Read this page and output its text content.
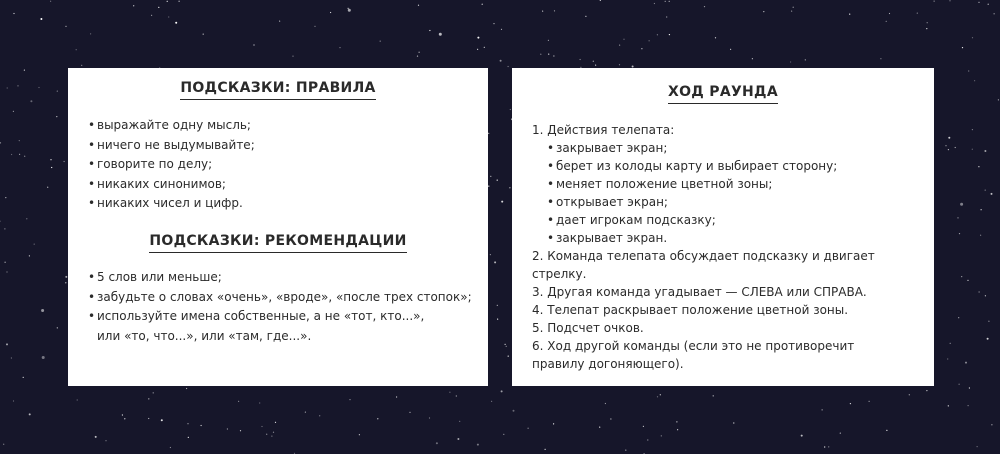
ПОДСКАЗКИ: ПРАВИЛА
• выражайте одну мысль;
• ничего не выдумывайте;
• говорите по делу;
• никаких синонимов;
• никаких чисел и цифр.
ПОДСКАЗКИ: РЕКОМЕНДАЦИИ
• 5 слов или меньше;
• забудьте о словах «очень», «вроде», «после трех стопок»;
• используйте имена собственные, а не «тот, кто...»,
или «то, что...», или «там, где...».
ХОД РАУНДА
1. Действия телепата:
• закрывает экран;
• берет из колоды карту и выбирает сторону;
• меняет положение цветной зоны;
• открывает экран;
• дает игрокам подсказку;
• закрывает экран.
2. Команда телепата обсуждает подсказку и двигает
стрелку.
3. Другая команда угадывает — СЛЕВА или СПРАВА.
4. Телепат раскрывает положение цветной зоны.
5. Подсчет очков.
6. Ход другой команды (если это не противоречит
правилу догоняющего).
